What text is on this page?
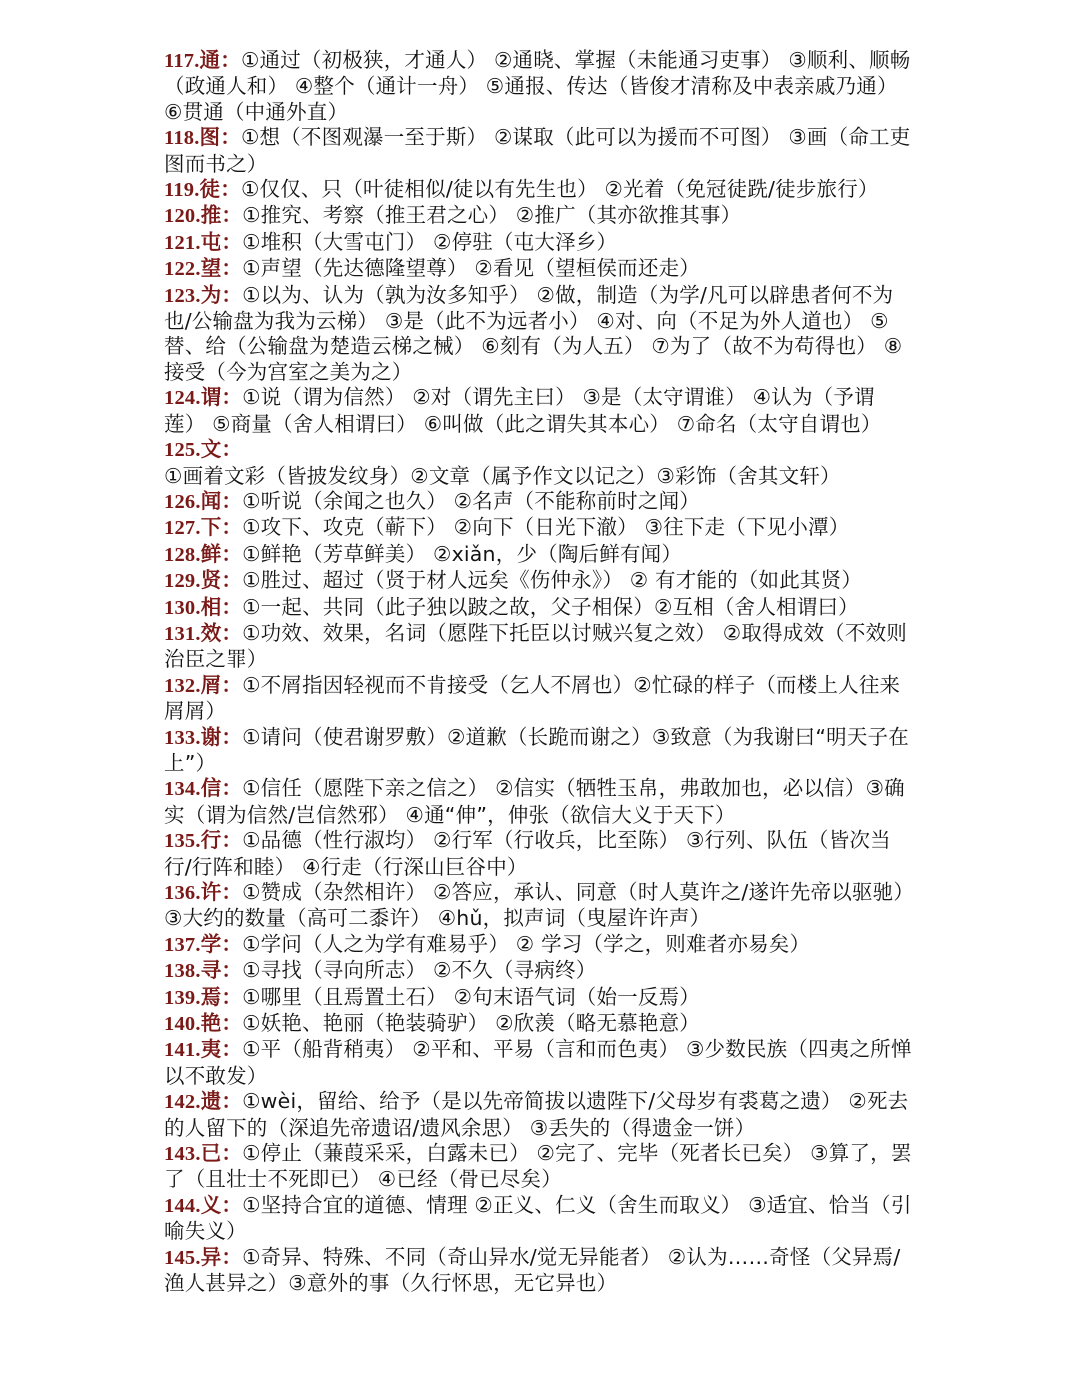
117.通：①通过（初极狭，才通人） ②通晓、掌握（未能通习吏事） ③顺利、顺畅（政通人和） ④整个（通计一舟） ⑤通报、传达（皆俊才清称及中表亲戚乃通） ⑥贯通（中通外直）

118.图：①想（不图观瀑一至于斯） ②谋取（此可以为援而不可图） ③画（命工吏图而书之）

119.徒：①仅仅、只（叶徒相似/徒以有先生也） ②光着（免冠徒跣/徒步旅行）

120.推：①推究、考察（推王君之心） ②推广（其亦欲推其事）

121.屯：①堆积（大雪屯门） ②停驻（屯大泽乡）

122.望：①声望（先达德隆望尊） ②看见（望桓侯而还走）

123.为：①以为、认为（孰为汝多知乎） ②做，制造（为学/凡可以辟患者何不为也/公输盘为我为云梯） ③是（此不为远者小） ④对、向（不足为外人道也） ⑤替、给（公输盘为楚造云梯之械） ⑥刻有（为人五） ⑦为了（故不为苟得也） ⑧接受（今为宫室之美为之）

124.谓：①说（谓为信然） ②对（谓先主曰） ③是（太守谓谁） ④认为（予谓莲） ⑤商量（舍人相谓曰） ⑥叫做（此之谓失其本心） ⑦命名（太守自谓也）

125.文：①画着文彩（皆披发纹身）②文章（属予作文以记之）③彩饰（舍其文轩）

126.闻：①听说（余闻之也久） ②名声（不能称前时之闻）

127.下：①攻下、攻克（蕲下） ②向下（日光下澈） ③往下走（下见小潭）

128.鲜：①鲜艳（芳草鲜美） ②xiǎn，少（陶后鲜有闻）

129.贤：①胜过、超过（贤于材人远矣《伤仲永》） ② 有才能的（如此其贤）

130.相：①一起、共同（此子独以跛之故，父子相保）②互相（舍人相谓曰）

131.效：①功效、效果，名词（愿陛下托臣以讨贼兴复之效） ②取得成效（不效则治臣之罪）

132.屑：①不屑指因轻视而不肯接受（乞人不屑也）②忙碌的样子（而楼上人往来屑屑）

133.谢：①请问（使君谢罗敷）②道歉（长跪而谢之）③致意（为我谢曰“明天子在上”）

134.信：①信任（愿陛下亲之信之） ②信实（牺牲玉帛，弗敢加也，必以信）③确实（谓为信然/岂信然邪） ④通“伸”，伸张（欲信大义于天下）

135.行：①品德（性行淑均） ②行军（行收兵，比至陈） ③行列、队伍（皆次当行/行阵和睦） ④行走（行深山巨谷中）

136.许：①赞成（杂然相许） ②答应，承认、同意（时人莫许之/遂许先帝以驱驰） ③大约的数量（高可二黍许） ④hǔ，拟声词（曳屋许许声）

137.学：①学问（人之为学有难易乎） ② 学习（学之，则难者亦易矣）

138.寻：①寻找（寻向所志） ②不久（寻病终）

139.焉：①哪里（且焉置土石） ②句末语气词（始一反焉）

140.艳：①妖艳、艳丽（艳装骑驴） ②欣羡（略无慕艳意）

141.夷：①平（船背稍夷） ②平和、平易（言和而色夷） ③少数民族（四夷之所惮以不敢发）

142.遗：①wèi，留给、给予（是以先帝简拔以遗陛下/父母岁有裘葛之遗） ②死去的人留下的（深追先帝遗诏/遗风余思） ③丢失的（得遗金一饼）

143.已：①停止（蒹葭采采，白露未已） ②完了、完毕（死者长已矣） ③算了，罢了（且壮士不死即已） ④已经（骨已尽矣）

144.义：①坚持合宜的道德、情理 ②正义、仁义（舍生而取义） ③适宜、恰当（引喻失义）

145.异：①奇异、特殊、不同（奇山异水/觉无异能者） ②认为……奇怪（父异焉/渔人甚异之）③意外的事（久行怀思，无它异也）
